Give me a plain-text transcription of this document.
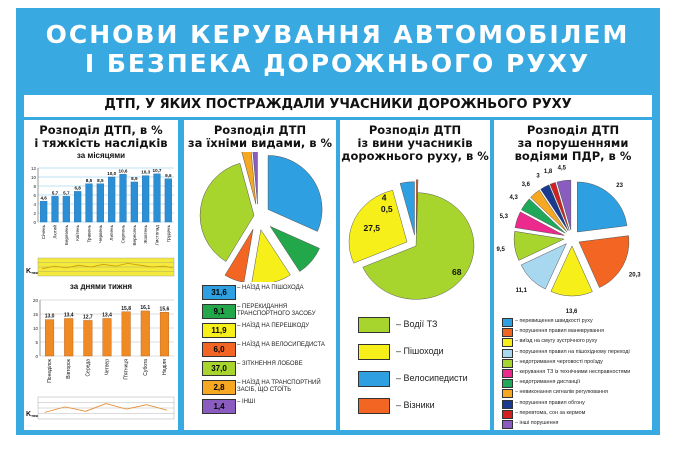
ОСНОВИ КЕРУВАННЯ АВТОМОБІЛЕМ
І БЕЗПЕКА ДОРОЖНЬОГО РУХУ
ДТП, У ЯКИХ ПОСТРАЖДАЛИ УЧАСНИКИ ДОРОЖНЬОГО РУХУ
Розподіл ДТП, в %
і тяжкість наслідків
за місяцями
0
2
4
6
8
10
12
4,6
Січень
5,7
Лютий
5,7
Березень
6,8
Квітень
8,5
Травень
8,5
Червень
10,0
Липень
10,6
Серпень
8,9
Вересень
10,3
Жовтень
10,7
Листопад
9,6
Грудень
Kтяж
за днями тижня
0
5
10
15
20
13,0
Понеділок
13,4
Вівторок
12,7
Середа
13,4
Четвер
15,8
П'ятниця
16,1
Субота
15,6
Неділя
Kтяж
Розподіл ДТП
за їхніми видами, в %
31,6	– НАЇЗД НА ПІШОХОДА
9,1	– ПЕРЕКИДАННЯ ТРАНСПОРТНОГО ЗАСОБУ
11,9	– НАЇЗД НА ПЕРЕШКОДУ
6,0	– НАЇЗД НА ВЕЛОСИПЕДИСТА
37,0	– ЗІТКНЕННЯ ЛОБОВЕ
2,8	– НАЇЗД НА ТРАНСПОРТНИЙ ЗАСІБ, ЩО СТОЇТЬ
1,4	– ІНШІ
Розподіл ДТП
із вини учасників
дорожнього руху, в %
68
27,5
4
0,5
– Водії ТЗ
– Пішоходи
– Велосипедисти
– Візники
Розподіл ДТП
за порушеннями
водіями ПДР, в %
23
20,3
13,6
11,1
9,5
5,3
4,3
3,6
3
1,8
4,5
– перевищення швидкості руху
– порушення правил маневрування
– виїзд на смугу зустрічного руху
– порушення правил на пішохідному переході
– недотримання черговості проїзду
– керування ТЗ із технічними несправностями
– недотримання дистанції
– невиконання сигналів регулювання
– порушення правил обгону
– перевтома, сон за кермом
– інші порушення
